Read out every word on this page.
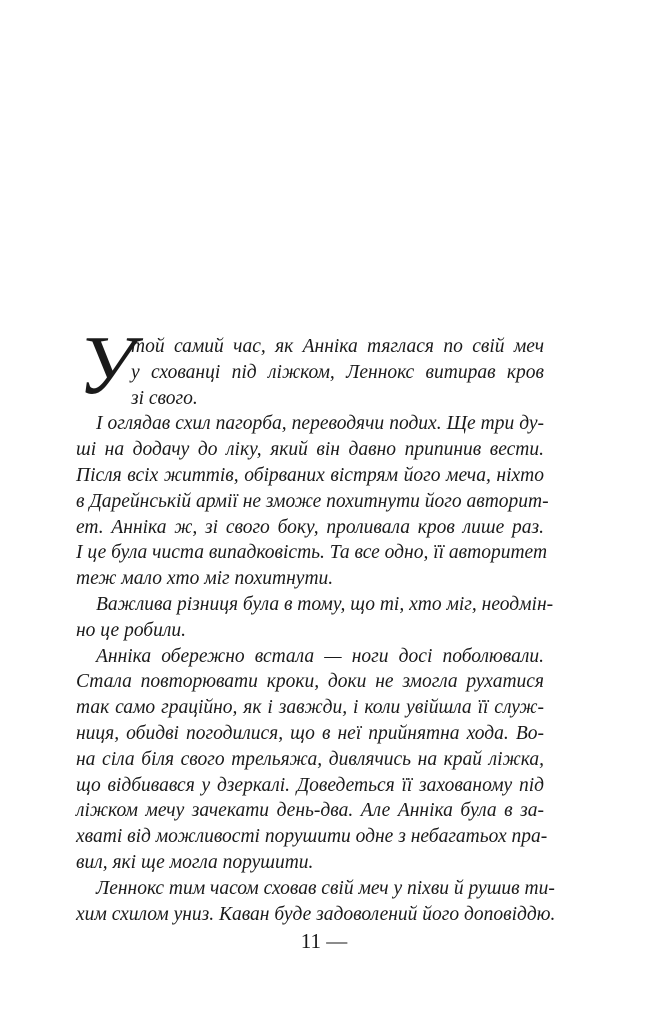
У
той самий час, як Анніка тяглася по свій меч
у схованці під ліжком, Леннокс витирав кров
зі свого.
І оглядав схил пагорба, переводячи подих. Ще три ду-
ші на додачу до ліку, який він давно припинив вести.
Після всіх життів, обірваних вістрям його меча, ніхто
в Дарейнській армії не зможе похитнути його авторит-
ет. Анніка ж, зі свого боку, проливала кров лише раз.
І це була чиста випадковість. Та все одно, її авторитет
теж мало хто міг похитнути.
Важлива різниця була в тому, що ті, хто міг, неодмін-
но це робили.
Анніка обережно встала — ноги досі поболювали.
Стала повторювати кроки, доки не змогла рухатися
так само граційно, як і завжди, і коли увійшла її служ-
ниця, обидві погодилися, що в неї прийнятна хода. Во-
на сіла біля свого трельяжа, дивлячись на край ліжка,
що відбивався у дзеркалі. Доведеться її захованому під
ліжком мечу зачекати день-два. Але Анніка була в за-
хваті від можливості порушити одне з небагатьох пра-
вил, які ще могла порушити.
Леннокс тим часом сховав свій меч у піхви й рушив ти-
хим схилом униз. Каван буде задоволений його доповіддю.
11 —
